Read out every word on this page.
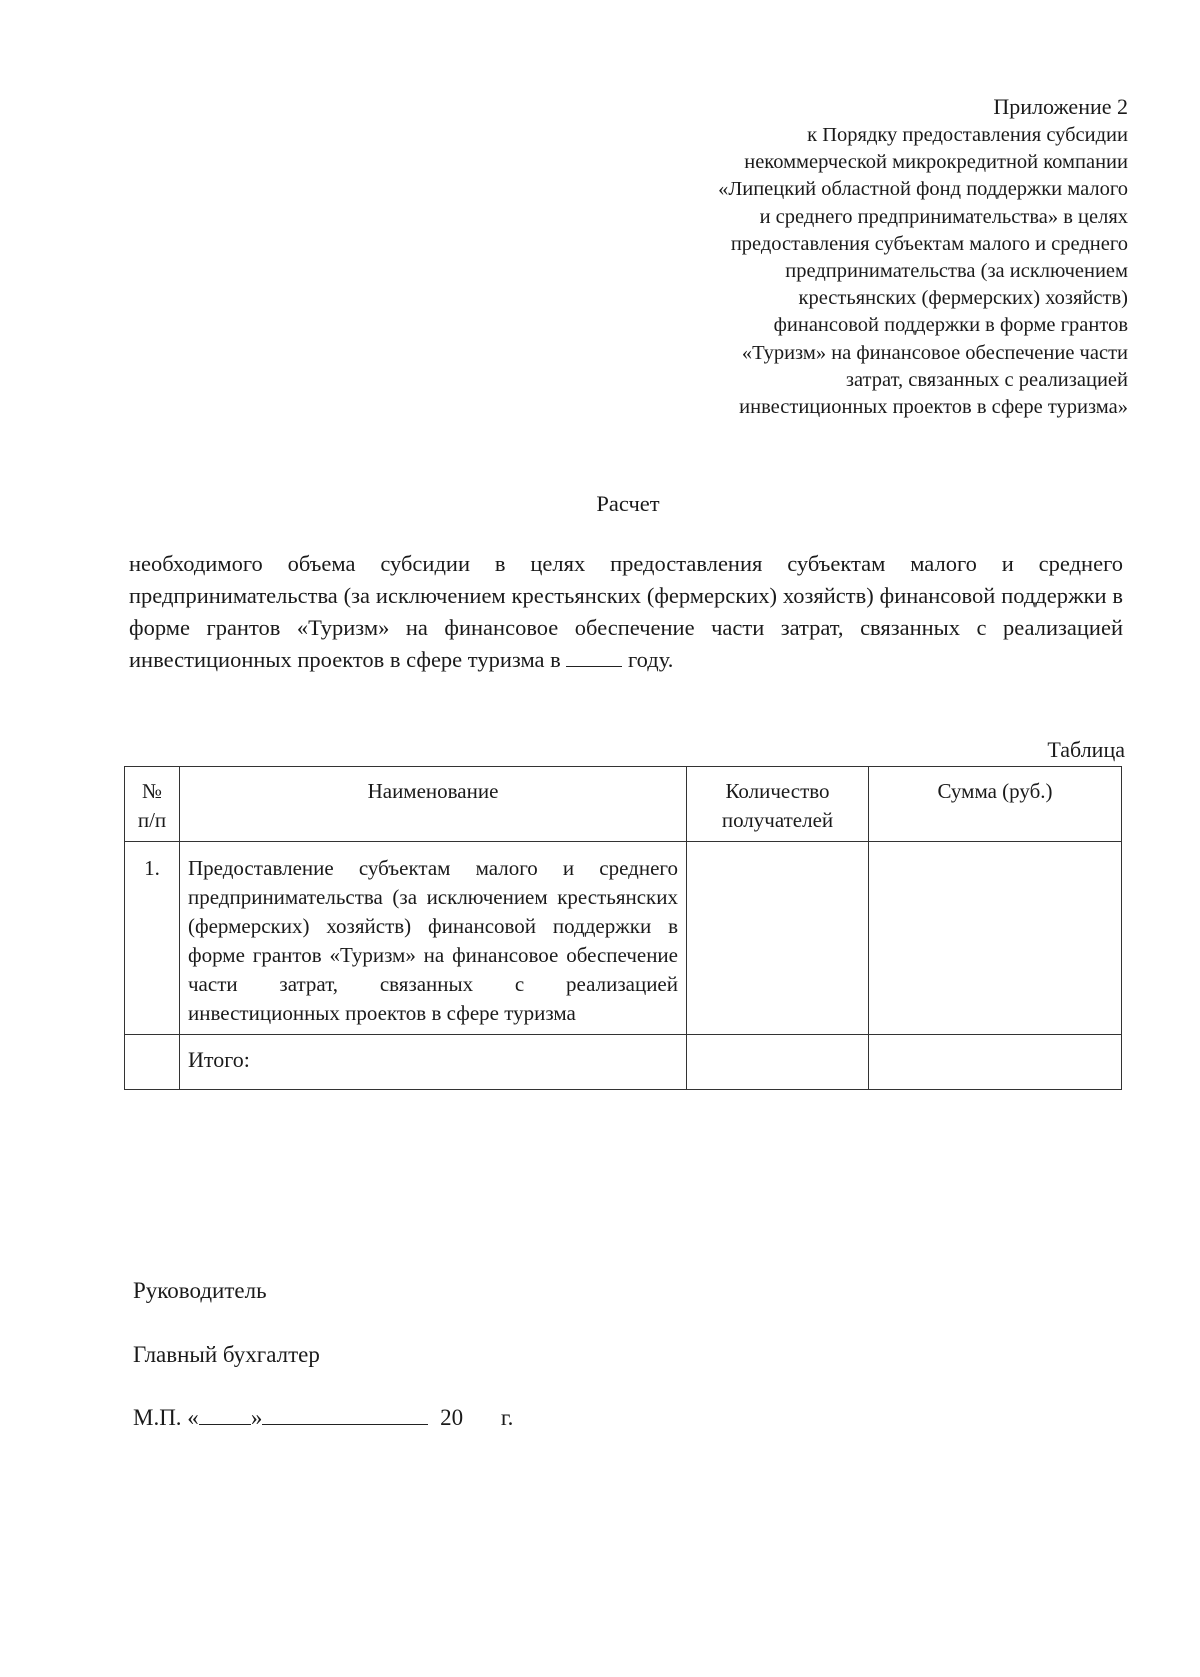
Приложение 2
к Порядку предоставления субсидии
некоммерческой микрокредитной компании
«Липецкий областной фонд поддержки малого
и среднего предпринимательства» в целях
предоставления субъектам малого и среднего
предпринимательства (за исключением
крестьянских (фермерских) хозяйств)
финансовой поддержки в форме грантов
«Туризм» на финансовое обеспечение части
затрат, связанных с реализацией
инвестиционных проектов в сфере туризма»
Расчет
необходимого объема субсидии в целях предоставления субъектам малого и среднего предпринимательства (за исключением крестьянских (фермерских) хозяйств) финансовой поддержки в форме грантов «Туризм» на финансовое обеспечение части затрат, связанных с реализацией инвестиционных проектов в сфере туризма в	году.
Таблица
№ п/п	Наименование	Количество получателей	Сумма (руб.)
1.	Предоставление субъектам малого и среднего предпринимательства (за исключением крестьянских (фермерских) хозяйств) финансовой поддержки в форме грантов «Туризм» на финансовое обеспечение части затрат, связанных с реализацией инвестиционных проектов в сфере туризма		
	Итого:		
Руководитель
Главный бухгалтер
М.П. « »	20 г.
